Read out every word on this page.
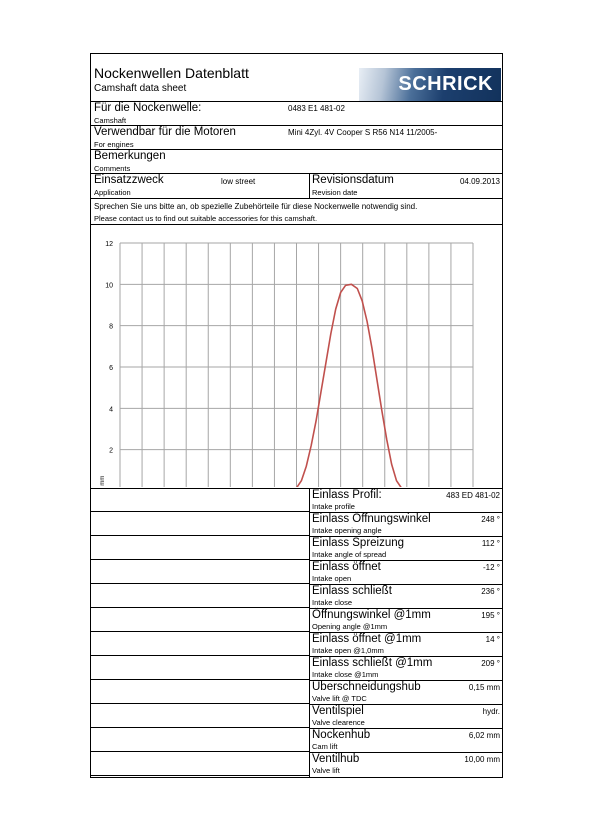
Nockenwellen Datenblatt
Camshaft data sheet	SCHRICK
Für die Nockenwelle:
Camshaft
0483 E1 481-02
Verwendbar für die Motoren
For engines
Mini 4Zyl. 4V Cooper S R56 N14 11/2005-
Bemerkungen
Comments
Einsatzzweck
Application
low street	Revisionsdatum
Revision date
04.09.2013
Sprechen Sie uns bitte an, ob spezielle Zubehörteile für diese Nockenwelle notwendig sind.
Please contact us to find out suitable accessories for this camshaft.
2
4
6
8
10
12
mm
Einlass Profil:
Intake profile
483 ED 481-02
Einlass Öffnungswinkel
Intake opening angle
248 °
Einlass Spreizung
Intake angle of spread
112 °
Einlass öffnet
Intake open
-12 °
Einlass schließt
Intake close
236 °
Öffnungswinkel @1mm
Opening angle @1mm
195 °
Einlass öffnet @1mm
Intake open @1,0mm
14 °
Einlass schließt @1mm
Intake close @1mm
209 °
Überschneidungshub
Valve lift @ TDC
0,15 mm
Ventilspiel
Valve clearence
hydr.
Nockenhub
Cam lift
6,02 mm
Ventilhub
Valve lift
10,00 mm
